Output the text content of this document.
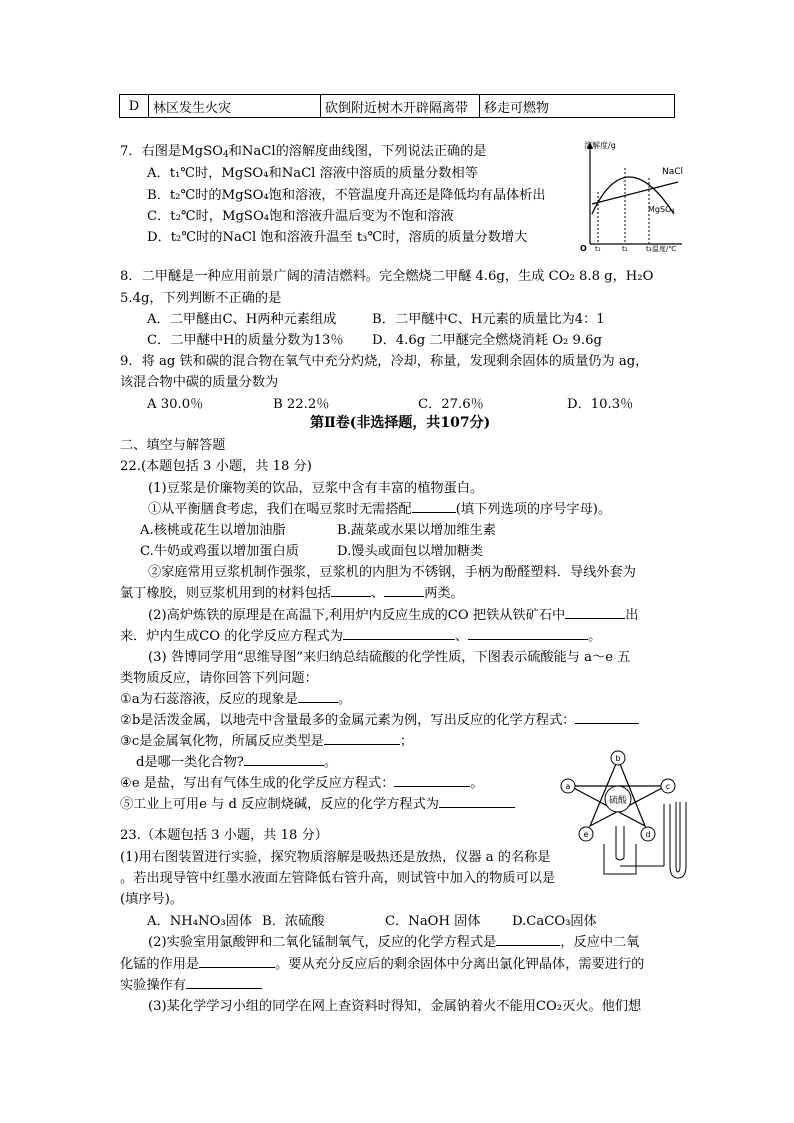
D	林区发生火灾	砍倒附近树木开辟隔离带	移走可燃物
7．右图是MgSO$_4$和NaCl的溶解度曲线图，下列说法正确的是
A．t₁℃时，MgSO₄和NaCl 溶液中溶质的质量分数相等
B．t₂℃时的MgSO₄饱和溶液，不管温度升高还是降低均有晶体析出
C．t₂℃时，MgSO₄饱和溶液升温后变为不饱和溶液
D．t₂℃时的NaCl 饱和溶液升温至 t₃℃时，溶质的质量分数增大
溶解度/g
温度/℃
O t₁	t₂	t₃
NaCl
MgSO₄
8．二甲醚是一种应用前景广阔的清洁燃料。完全燃烧二甲醚 4.6g，生成 CO₂ 8.8 g，H₂O
5.4g，下列判断不正确的是
A．二甲醚由C、H两种元素组成	B．二甲醚中C、H元素的质量比为4：1
C．二甲醚中H的质量分数为13％ D．4.6g 二甲醚完全燃烧消耗 O₂ 9.6g
9．将 ag 铁和碳的混合物在氧气中充分灼烧，冷却，称量，发现剩余固体的质量仍为 ag，
该混合物中碳的质量分数为
A 30.0％	B 22.2％	C．27.6％	D．10.3％
第Ⅱ卷(非选择题，共107分)
二、填空与解答题
22.(本题包括 3 小题，共 18 分)
(1)豆浆是价廉物美的饮品，豆浆中含有丰富的植物蛋白。
①从平衡膳食考虑，我们在喝豆浆时无需搭配	(填下列选项的序号字母)。
A.核桃或花生以增加油脂	B.蔬菜或水果以增加维生素
C.牛奶或鸡蛋以增加蛋白质	D.馒头或面包以增加糖类
②家庭常用豆浆机制作强浆，豆浆机的内胆为不锈钢，手柄为酚醛塑料．导线外套为
氯丁橡胶，则豆浆机用到的材料包括	、	两类。
(2)高炉炼铁的原理是在高温下,利用炉内反应生成的CO 把铁从铁矿石中	出
来．炉内生成CO 的化学反应方程式为	、	。
(3) 咎博同学用“思维导图”来归纳总结硫酸的化学性质，下图表示硫酸能与 a～e 五
类物质反应，请你回答下列问题：
①a为石蕊溶液，反应的现象是	。
②b是活泼金属，以地壳中含量最多的金属元素为例，写出反应的化学方程式：
③c是金属氧化物，所属反应类型是	；
d是哪一类化合物?	。
④e 是盐，写出有气体生成的化学反应方程式：	。
⑤工业上可用e 与 d 反应制烧碱，反应的化学方程式为	硫酸
b
a	c
e	d
23.（本题包括 3 小题，共 18 分）
(1)用右图装置进行实验，探究物质溶解是吸热还是放热，仪器 a 的名称是
。若出现导管中红墨水液面左管降低右管升高，则试管中加入的物质可以是
(填序号)。
A．NH₄NO₃固体 B．浓硫酸	C．NaOH 固体 D.CaCO₃固体
(2)实验室用氯酸钾和二氧化锰制氧气，反应的化学方程式是	，反应中二氧
化锰的作用是	。要从充分反应后的剩余固体中分离出氯化钾晶体，需要进行的
实验操作有
(3)某化学学习小组的同学在网上查资料时得知，金属钠着火不能用CO₂灭火。他们想
